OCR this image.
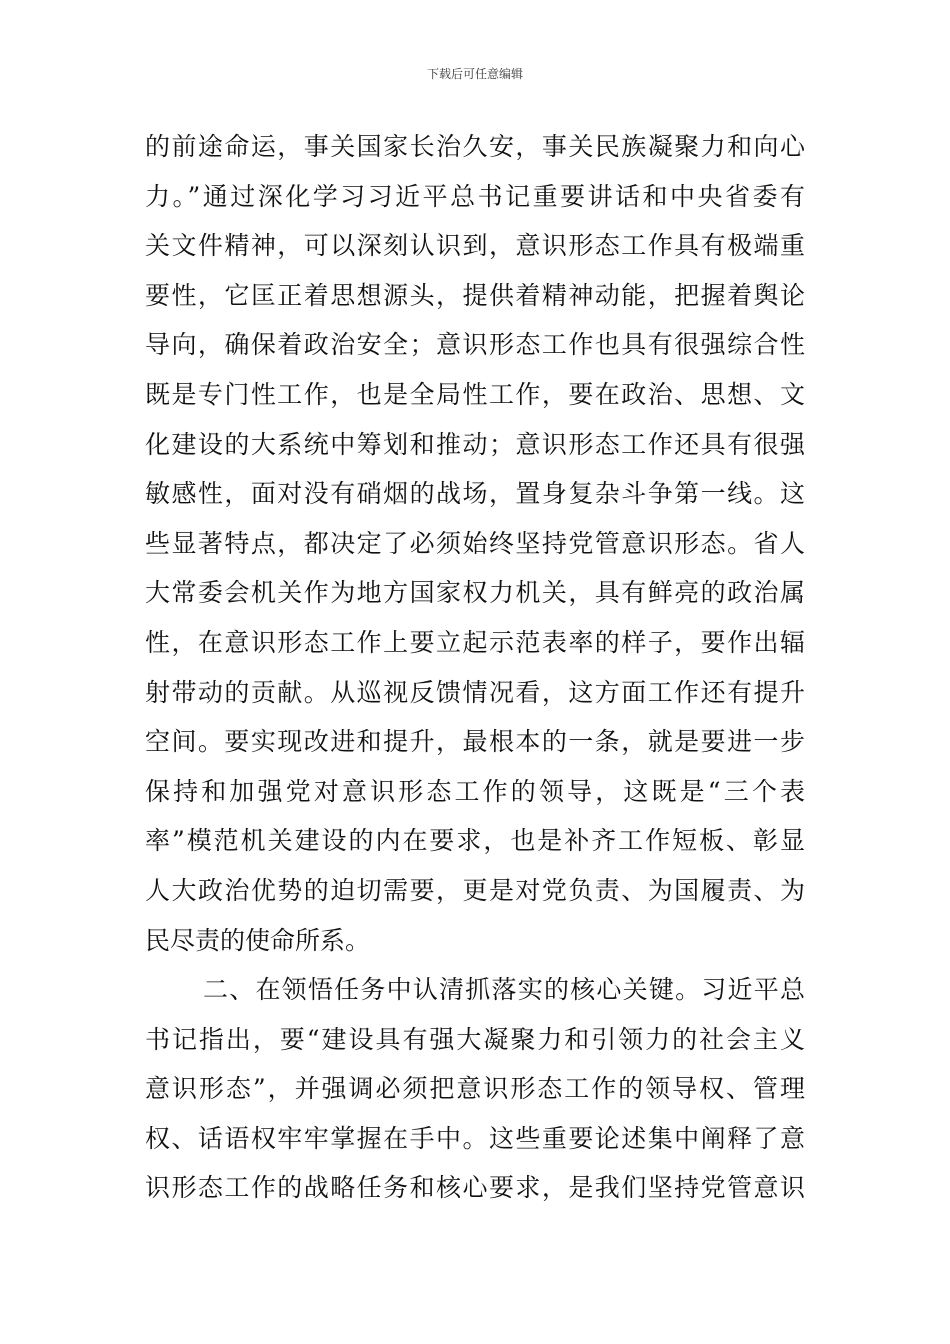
下载后可任意编辑
的前途命运，事关国家长治久安，事关民族凝聚力和向心
力。”通过深化学习习近平总书记重要讲话和中央省委有
关文件精神，可以深刻认识到，意识形态工作具有极端重
要性，它匡正着思想源头，提供着精神动能，把握着舆论
导向，确保着政治安全；意识形态工作也具有很强综合性
既是专门性工作，也是全局性工作，要在政治、思想、文
化建设的大系统中筹划和推动；意识形态工作还具有很强
敏感性，面对没有硝烟的战场，置身复杂斗争第一线。这
些显著特点，都决定了必须始终坚持党管意识形态。省人
大常委会机关作为地方国家权力机关，具有鲜亮的政治属
性，在意识形态工作上要立起示范表率的样子，要作出辐
射带动的贡献。从巡视反馈情况看，这方面工作还有提升
空间。要实现改进和提升，最根本的一条，就是要进一步
保持和加强党对意识形态工作的领导，这既是“三个表
率”模范机关建设的内在要求，也是补齐工作短板、彰显
人大政治优势的迫切需要，更是对党负责、为国履责、为
民尽责的使命所系。
二、在领悟任务中认清抓落实的核心关键。习近平总
书记指出，要“建设具有强大凝聚力和引领力的社会主义
意识形态”，并强调必须把意识形态工作的领导权、管理
权、话语权牢牢掌握在手中。这些重要论述集中阐释了意
识形态工作的战略任务和核心要求，是我们坚持党管意识
